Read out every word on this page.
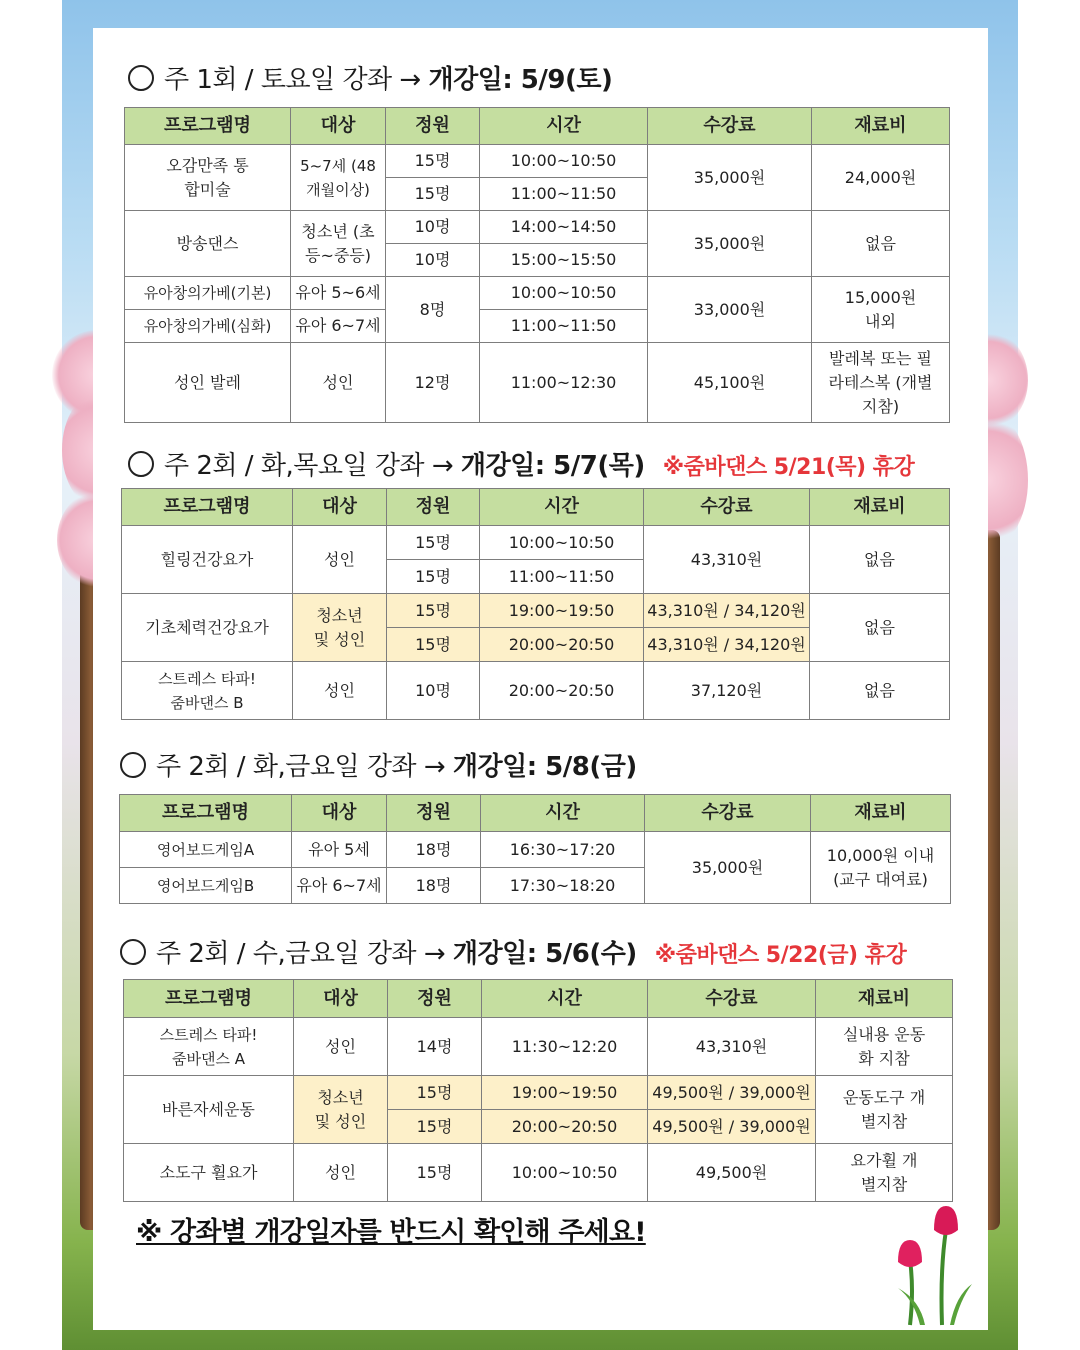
주 1회 / 토요일 강좌 → 개강일: 5/9(토)
프로그램명	대상	정원	시간	수강료	재료비
오감만족 통합미술	5~7세 (48개월이상)	15명	10:00~10:50	35,000원	24,000원
		15명	11:00~11:50		
방송댄스	청소년 (초등~중등)	10명	14:00~14:50	35,000원	없음
		10명	15:00~15:50		
유아창의가베(기본)	유아 5~6세	8명	10:00~10:50	33,000원	15,000원 내외
유아창의가베(심화)	유아 6~7세		11:00~11:50		
성인 발레	성인	12명	11:00~12:30	45,100원	발레복 또는 필라테스복 (개별지참)
주 2회 / 화,목요일 강좌 → 개강일: 5/7(목) ※줌바댄스 5/21(목) 휴강
프로그램명	대상	정원	시간	수강료	재료비
힐링건강요가	성인	15명	10:00~10:50	43,310원	없음
		15명	11:00~11:50		
기초체력건강요가	청소년 및 성인	15명	19:00~19:50	43,310원 / 34,120원	없음
		15명	20:00~20:50	43,310원 / 34,120원	
스트레스 타파! 줌바댄스 B	성인	10명	20:00~20:50	37,120원	없음
주 2회 / 화,금요일 강좌 → 개강일: 5/8(금)
프로그램명	대상	정원	시간	수강료	재료비
영어보드게임A	유아 5세	18명	16:30~17:20	35,000원	10,000원 이내 (교구 대여료)
영어보드게임B	유아 6~7세	18명	17:30~18:20		
주 2회 / 수,금요일 강좌 → 개강일: 5/6(수) ※줌바댄스 5/22(금) 휴강
프로그램명	대상	정원	시간	수강료	재료비
스트레스 타파! 줌바댄스 A	성인	14명	11:30~12:20	43,310원	실내용 운동화 지참
바른자세운동	청소년 및 성인	15명	19:00~19:50	49,500원 / 39,000원	운동도구 개별지참
		15명	20:00~20:50	49,500원 / 39,000원	
소도구 휠요가	성인	15명	10:00~10:50	49,500원	요가휠 개별지참
※ 강좌별 개강일자를 반드시 확인해 주세요!
